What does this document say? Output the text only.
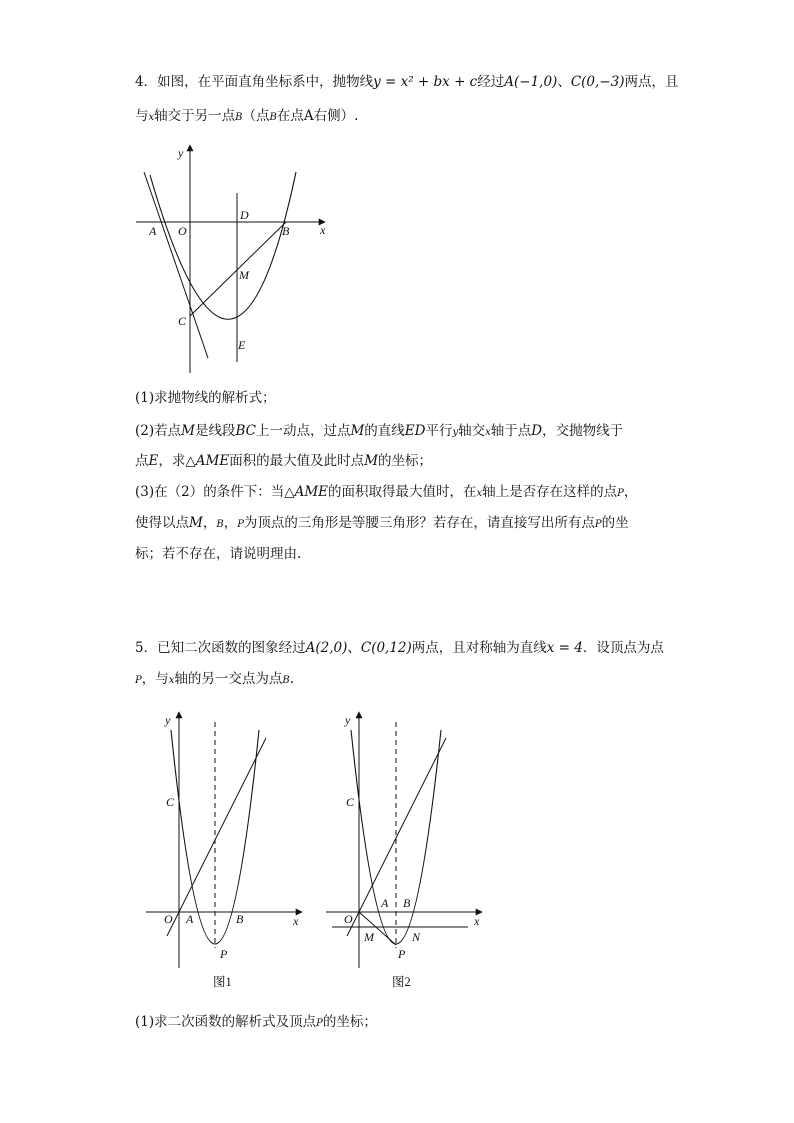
4．如图，在平面直角坐标系中，抛物线y = x² + bx + c经过A(−1,0)、C(0,−3)两点，且
与x轴交于另一点B（点B在点A右侧）.
y
x
A O
D
B
M
C
E
(1)求抛物线的解析式；
(2)若点M是线段BC上一动点，过点M的直线ED平行y轴交x轴于点D，交抛物线于
点E，求△AME面积的最大值及此时点M的坐标；
(3)在（2）的条件下：当△AME的面积取得最大值时，在x轴上是否存在这样的点P，
使得以点M，B，P为顶点的三角形是等腰三角形？若存在，请直接写出所有点P的坐
标；若不存在，请说明理由.
5．已知二次函数的图象经过A(2,0)、C(0,12)两点，且对称轴为直线x = 4．设顶点为点
P，与x轴的另一交点为点B.
y
x
C
O A	B
P
图1
y
x
C
O
A B
M	N
P
图2
(1)求二次函数的解析式及顶点P的坐标；
